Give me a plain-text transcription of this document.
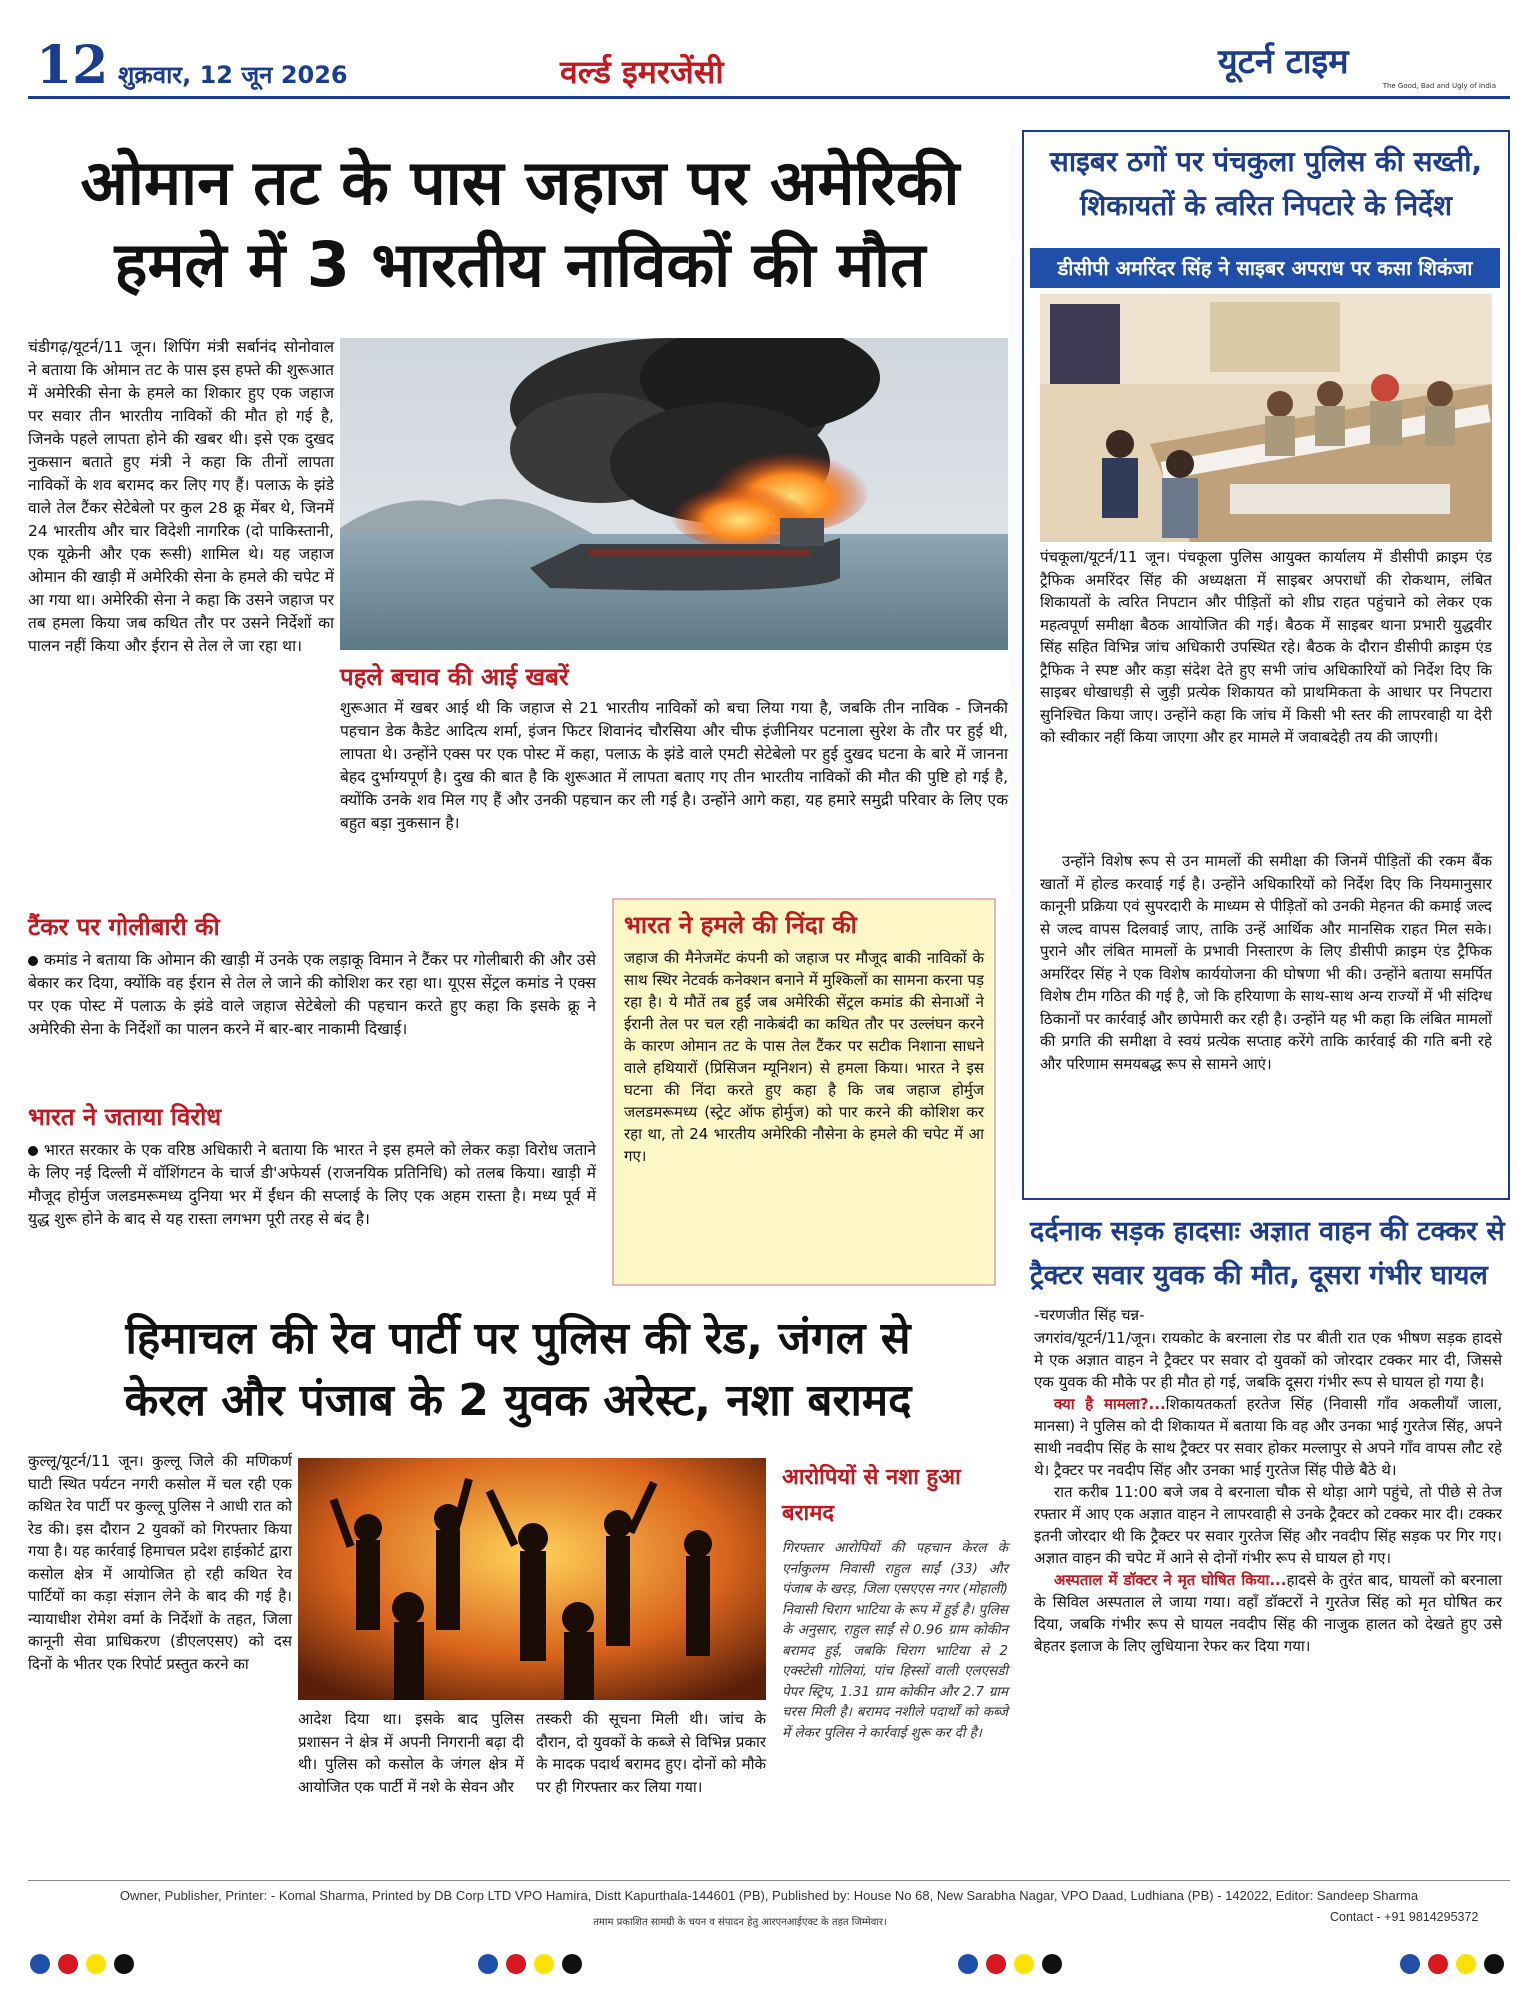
12 शुक्रवार, 12 जून 2026	वर्ल्ड इमरजेंसी	यूटर्न टाइम
The Good, Bad and Ugly of India
ओमान तट के पास जहाज पर अमेरिकी
हमले में 3 भारतीय नाविकों की मौत

चंडीगढ़/यूटर्न/11 जून। शिपिंग मंत्री सर्बानंद सोनोवाल ने बताया कि ओमान तट के पास इस हफ्ते की शुरूआत में अमेरिकी सेना के हमले का शिकार हुए एक जहाज पर सवार तीन भारतीय नाविकों की मौत हो गई है, जिनके पहले लापता होने की खबर थी। इसे एक दुखद नुकसान बताते हुए मंत्री ने कहा कि तीनों लापता नाविकों के शव बरामद कर लिए गए हैं। पलाऊ के झंडे वाले तेल टैंकर सेटेबेलो पर कुल 28 क्रू मेंबर थे, जिनमें 24 भारतीय और चार विदेशी नागरिक (दो पाकिस्तानी, एक यूक्रेनी और एक रूसी) शामिल थे। यह जहाज ओमान की खाड़ी में अमेरिकी सेना के हमले की चपेट में आ गया था। अमेरिकी सेना ने कहा कि उसने जहाज पर तब हमला किया जब कथित तौर पर उसने निर्देशों का पालन नहीं किया और ईरान से तेल ले जा रहा था।

पहले बचाव की आई खबरें

शुरूआत में खबर आई थी कि जहाज से 21 भारतीय नाविकों को बचा लिया गया है, जबकि तीन नाविक - जिनकी पहचान डेक कैडेट आदित्य शर्मा, इंजन फिटर शिवानंद चौरसिया और चीफ इंजीनियर पटनाला सुरेश के तौर पर हुई थी, लापता थे। उन्होंने एक्स पर एक पोस्ट में कहा, पलाऊ के झंडे वाले एमटी सेटेबेलो पर हुई दुखद घटना के बारे में जानना बेहद दुर्भाग्यपूर्ण है। दुख की बात है कि शुरूआत में लापता बताए गए तीन भारतीय नाविकों की मौत की पुष्टि हो गई है, क्योंकि उनके शव मिल गए हैं और उनकी पहचान कर ली गई है। उन्होंने आगे कहा, यह हमारे समुद्री परिवार के लिए एक बहुत बड़ा नुकसान है।

टैंकर पर गोलीबारी की

कमांड ने बताया कि ओमान की खाड़ी में उनके एक लड़ाकू विमान ने टैंकर पर गोलीबारी की और उसे बेकार कर दिया, क्योंकि वह ईरान से तेल ले जाने की कोशिश कर रहा था। यूएस सेंट्रल कमांड ने एक्स पर एक पोस्ट में पलाऊ के झंडे वाले जहाज सेटेबेलो की पहचान करते हुए कहा कि इसके क्रू ने अमेरिकी सेना के निर्देशों का पालन करने में बार-बार नाकामी दिखाई।

भारत ने जताया विरोध

भारत सरकार के एक वरिष्ठ अधिकारी ने बताया कि भारत ने इस हमले को लेकर कड़ा विरोध जताने के लिए नई दिल्ली में वॉशिंगटन के चार्ज डी'अफेयर्स (राजनयिक प्रतिनिधि) को तलब किया। खाड़ी में मौजूद होर्मुज जलडमरूमध्य दुनिया भर में ईंधन की सप्लाई के लिए एक अहम रास्ता है। मध्य पूर्व में युद्ध शुरू होने के बाद से यह रास्ता लगभग पूरी तरह से बंद है।

भारत ने हमले की निंदा की

जहाज की मैनेजमेंट कंपनी को जहाज पर मौजूद बाकी नाविकों के साथ स्थिर नेटवर्क कनेक्शन बनाने में मुश्किलों का सामना करना पड़ रहा है। ये मौतें तब हुईं जब अमेरिकी सेंट्रल कमांड की सेनाओं ने ईरानी तेल पर चल रही नाकेबंदी का कथित तौर पर उल्लंघन करने के कारण ओमान तट के पास तेल टैंकर पर सटीक निशाना साधने वाले हथियारों (प्रिसिजन म्यूनिशन) से हमला किया। भारत ने इस घटना की निंदा करते हुए कहा है कि जब जहाज होर्मुज जलडमरूमध्य (स्ट्रेट ऑफ होर्मुज) को पार करने की कोशिश कर रहा था, तो 24 भारतीय अमेरिकी नौसेना के हमले की चपेट में आ गए।

साइबर ठगों पर पंचकुला पुलिस की सख्ती,
शिकायतों के त्वरित निपटारे के निर्देश
डीसीपी अमरिंदर सिंह ने साइबर अपराध पर कसा शिकंजा

पंचकूला/यूटर्न/11 जून। पंचकूला पुलिस आयुक्त कार्यालय में डीसीपी क्राइम एंड ट्रैफिक अमरिंदर सिंह की अध्यक्षता में साइबर अपराधों की रोकथाम, लंबित शिकायतों के त्वरित निपटान और पीड़ितों को शीघ्र राहत पहुंचाने को लेकर एक महत्वपूर्ण समीक्षा बैठक आयोजित की गई। बैठक में साइबर थाना प्रभारी युद्धवीर सिंह सहित विभिन्न जांच अधिकारी उपस्थित रहे। बैठक के दौरान डीसीपी क्राइम एंड ट्रैफिक ने स्पष्ट और कड़ा संदेश देते हुए सभी जांच अधिकारियों को निर्देश दिए कि साइबर धोखाधड़ी से जुड़ी प्रत्येक शिकायत को प्राथमिकता के आधार पर निपटारा सुनिश्चित किया जाए। उन्होंने कहा कि जांच में किसी भी स्तर की लापरवाही या देरी को स्वीकार नहीं किया जाएगा और हर मामले में जवाबदेही तय की जाएगी।

उन्होंने विशेष रूप से उन मामलों की समीक्षा की जिनमें पीड़ितों की रकम बैंक खातों में होल्ड करवाई गई है। उन्होंने अधिकारियों को निर्देश दिए कि नियमानुसार कानूनी प्रक्रिया एवं सुपरदारी के माध्यम से पीड़ितों को उनकी मेहनत की कमाई जल्द से जल्द वापस दिलवाई जाए, ताकि उन्हें आर्थिक और मानसिक राहत मिल सके। पुराने और लंबित मामलों के प्रभावी निस्तारण के लिए डीसीपी क्राइम एंड ट्रैफिक अमरिंदर सिंह ने एक विशेष कार्ययोजना की घोषणा भी की। उन्होंने बताया समर्पित विशेष टीम गठित की गई है, जो कि हरियाणा के साथ-साथ अन्य राज्यों में भी संदिग्ध ठिकानों पर कार्रवाई और छापेमारी कर रही है। उन्होंने यह भी कहा कि लंबित मामलों की प्रगति की समीक्षा वे स्वयं प्रत्येक सप्ताह करेंगे ताकि कार्रवाई की गति बनी रहे और परिणाम समयबद्ध रूप से सामने आएं।

दर्दनाक सड़क हादसाः अज्ञात वाहन की टक्कर से
ट्रैक्टर सवार युवक की मौत, दूसरा गंभीर घायल

-चरणजीत सिंह चन्न-

जगरांव/यूटर्न/11/जून। रायकोट के बरनाला रोड पर बीती रात एक भीषण सड़क हादसे मे एक अज्ञात वाहन ने ट्रैक्टर पर सवार दो युवकों को जोरदार टक्कर मार दी, जिससे एक युवक की मौके पर ही मौत हो गई, जबकि दूसरा गंभीर रूप से घायल हो गया है।

क्या है मामला?...शिकायतकर्ता हरतेज सिंह (निवासी गाँव अकलीयाँ जाला, मानसा) ने पुलिस को दी शिकायत में बताया कि वह और उनका भाई गुरतेज सिंह, अपने साथी नवदीप सिंह के साथ ट्रैक्टर पर सवार होकर मल्लापुर से अपने गाँव वापस लौट रहे थे। ट्रैक्टर पर नवदीप सिंह और उनका भाई गुरतेज सिंह पीछे बैठे थे।

रात करीब 11:00 बजे जब वे बरनाला चौक से थोड़ा आगे पहुंचे, तो पीछे से तेज रफ्तार में आए एक अज्ञात वाहन ने लापरवाही से उनके ट्रैक्टर को टक्कर मार दी। टक्कर इतनी जोरदार थी कि ट्रैक्टर पर सवार गुरतेज सिंह और नवदीप सिंह सड़क पर गिर गए। अज्ञात वाहन की चपेट में आने से दोनों गंभीर रूप से घायल हो गए।

अस्पताल में डॉक्टर ने मृत घोषित किया...हादसे के तुरंत बाद, घायलों को बरनाला के सिविल अस्पताल ले जाया गया। वहाँ डॉक्टरों ने गुरतेज सिंह को मृत घोषित कर दिया, जबकि गंभीर रूप से घायल नवदीप सिंह की नाजुक हालत को देखते हुए उसे बेहतर इलाज के लिए लुधियाना रेफर कर दिया गया।

हिमाचल की रेव पार्टी पर पुलिस की रेड, जंगल से
केरल और पंजाब के 2 युवक अरेस्ट, नशा बरामद

कुल्लू/यूटर्न/11 जून। कुल्लू जिले की मणिकर्ण घाटी स्थित पर्यटन नगरी कसोल में चल रही एक कथित रेव पार्टी पर कुल्लू पुलिस ने आधी रात को रेड की। इस दौरान 2 युवकों को गिरफ्तार किया गया है। यह कार्रवाई हिमाचल प्रदेश हाईकोर्ट द्वारा कसोल क्षेत्र में आयोजित हो रही कथित रेव पार्टियों का कड़ा संज्ञान लेने के बाद की गई है। न्यायाधीश रोमेश वर्मा के निर्देशों के तहत, जिला कानूनी सेवा प्राधिकरण (डीएलएसए) को दस दिनों के भीतर एक रिपोर्ट प्रस्तुत करने का

आदेश दिया था। इसके बाद पुलिस प्रशासन ने क्षेत्र में अपनी निगरानी बढ़ा दी थी। पुलिस को कसोल के जंगल क्षेत्र में आयोजित एक पार्टी में नशे के सेवन और

तस्करी की सूचना मिली थी। जांच के दौरान, दो युवकों के कब्जे से विभिन्न प्रकार के मादक पदार्थ बरामद हुए। दोनों को मौके पर ही गिरफ्तार कर लिया गया।

आरोपियों से नशा हुआ
बरामद

गिरफ्तार आरोपियों की पहचान केरल के एर्नाकुलम निवासी राहुल साईं (33) और पंजाब के खरड़, जिला एसएएस नगर (मोहाली) निवासी चिराग भाटिया के रूप में हुई है। पुलिस के अनुसार, राहुल साईं से 0.96 ग्राम कोकीन बरामद हुई, जबकि चिराग भाटिया से 2 एक्स्टेसी गोलियां, पांच हिस्सों वाली एलएसडी पेपर स्ट्रिप, 1.31 ग्राम कोकीन और 2.7 ग्राम चरस मिली है। बरामद नशीले पदार्थों को कब्जे में लेकर पुलिस ने कार्रवाई शुरू कर दी है।

Owner, Publisher, Printer: - Komal Sharma, Printed by DB Corp LTD VPO Hamira, Distt Kapurthala-144601 (PB), Published by: House No 68, New Sarabha Nagar, VPO Daad, Ludhiana (PB) - 142022, Editor: Sandeep Sharma
तमाम प्रकाशित सामग्री के चयन व संपादन हेतु आरएनआईएक्ट के तहत जिम्मेवार।	Contact - +91 9814295372
